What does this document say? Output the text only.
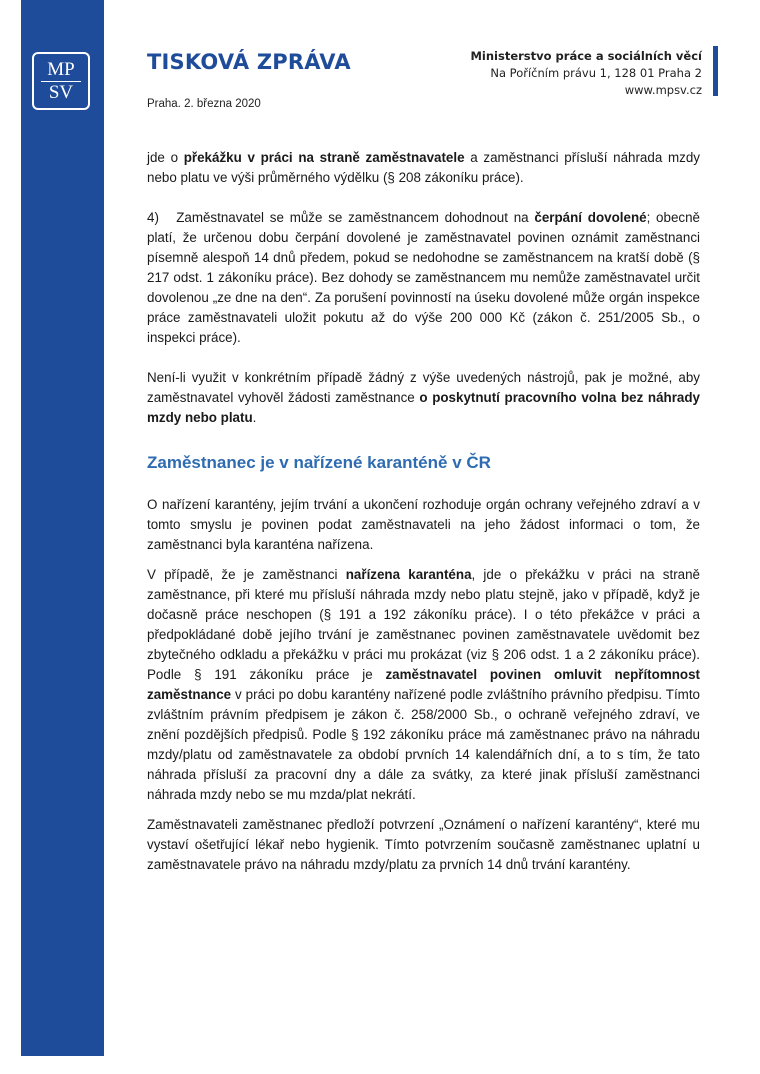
MP
SV
TISKOVÁ ZPRÁVA
Praha. 2. března 2020
Ministerstvo práce a sociálních věcí
Na Poříčním právu 1, 128 01 Praha 2
www.mpsv.cz

jde o překážku v práci na straně zaměstnavatele a zaměstnanci přísluší náhrada mzdy nebo platu ve výši průměrného výdělku (§ 208 zákoníku práce).

4)   Zaměstnavatel se může se zaměstnancem dohodnout na čerpání dovolené; obecně platí, že určenou dobu čerpání dovolené je zaměstnavatel povinen oznámit zaměstnanci písemně alespoň 14 dnů předem, pokud se nedohodne se zaměstnancem na kratší době (§ 217 odst. 1 zákoníku práce). Bez dohody se zaměstnancem mu nemůže zaměstnavatel určit dovolenou „ze dne na den“. Za porušení povinností na úseku dovolené může orgán inspekce práce zaměstnavateli uložit pokutu až do výše 200 000 Kč (zákon č. 251/2005 Sb., o inspekci práce).

Není-li využit v konkrétním případě žádný z výše uvedených nástrojů, pak je možné, aby zaměstnavatel vyhověl žádosti zaměstnance o poskytnutí pracovního volna bez náhrady mzdy nebo platu.

Zaměstnanec je v nařízené karanténě v ČR

O nařízení karantény, jejím trvání a ukončení rozhoduje orgán ochrany veřejného zdraví a v tomto smyslu je povinen podat zaměstnavateli na jeho žádost informaci o tom, že zaměstnanci byla karanténa nařízena.

V případě, že je zaměstnanci nařízena karanténa, jde o překážku v práci na straně zaměstnance, při které mu přísluší náhrada mzdy nebo platu stejně, jako v případě, když je dočasně práce neschopen (§ 191 a 192 zákoníku práce). I o této překážce v práci a předpokládané době jejího trvání je zaměstnanec povinen zaměstnavatele uvědomit bez zbytečného odkladu a překážku v práci mu prokázat (viz § 206 odst. 1 a 2 zákoníku práce). Podle § 191 zákoníku práce je zaměstnavatel povinen omluvit nepřítomnost zaměstnance v práci po dobu karantény nařízené podle zvláštního právního předpisu. Tímto zvláštním právním předpisem je zákon č. 258/2000 Sb., o ochraně veřejného zdraví, ve znění pozdějších předpisů. Podle § 192 zákoníku práce má zaměstnanec právo na náhradu mzdy/platu od zaměstnavatele za období prvních 14 kalendářních dní, a to s tím, že tato náhrada přísluší za pracovní dny a dále za svátky, za které jinak přísluší zaměstnanci náhrada mzdy nebo se mu mzda/plat nekrátí.

Zaměstnavateli zaměstnanec předloží potvrzení „Oznámení o nařízení karantény“, které mu vystaví ošetřující lékař nebo hygienik. Tímto potvrzením současně zaměstnanec uplatní u zaměstnavatele právo na náhradu mzdy/platu za prvních 14 dnů trvání karantény.
